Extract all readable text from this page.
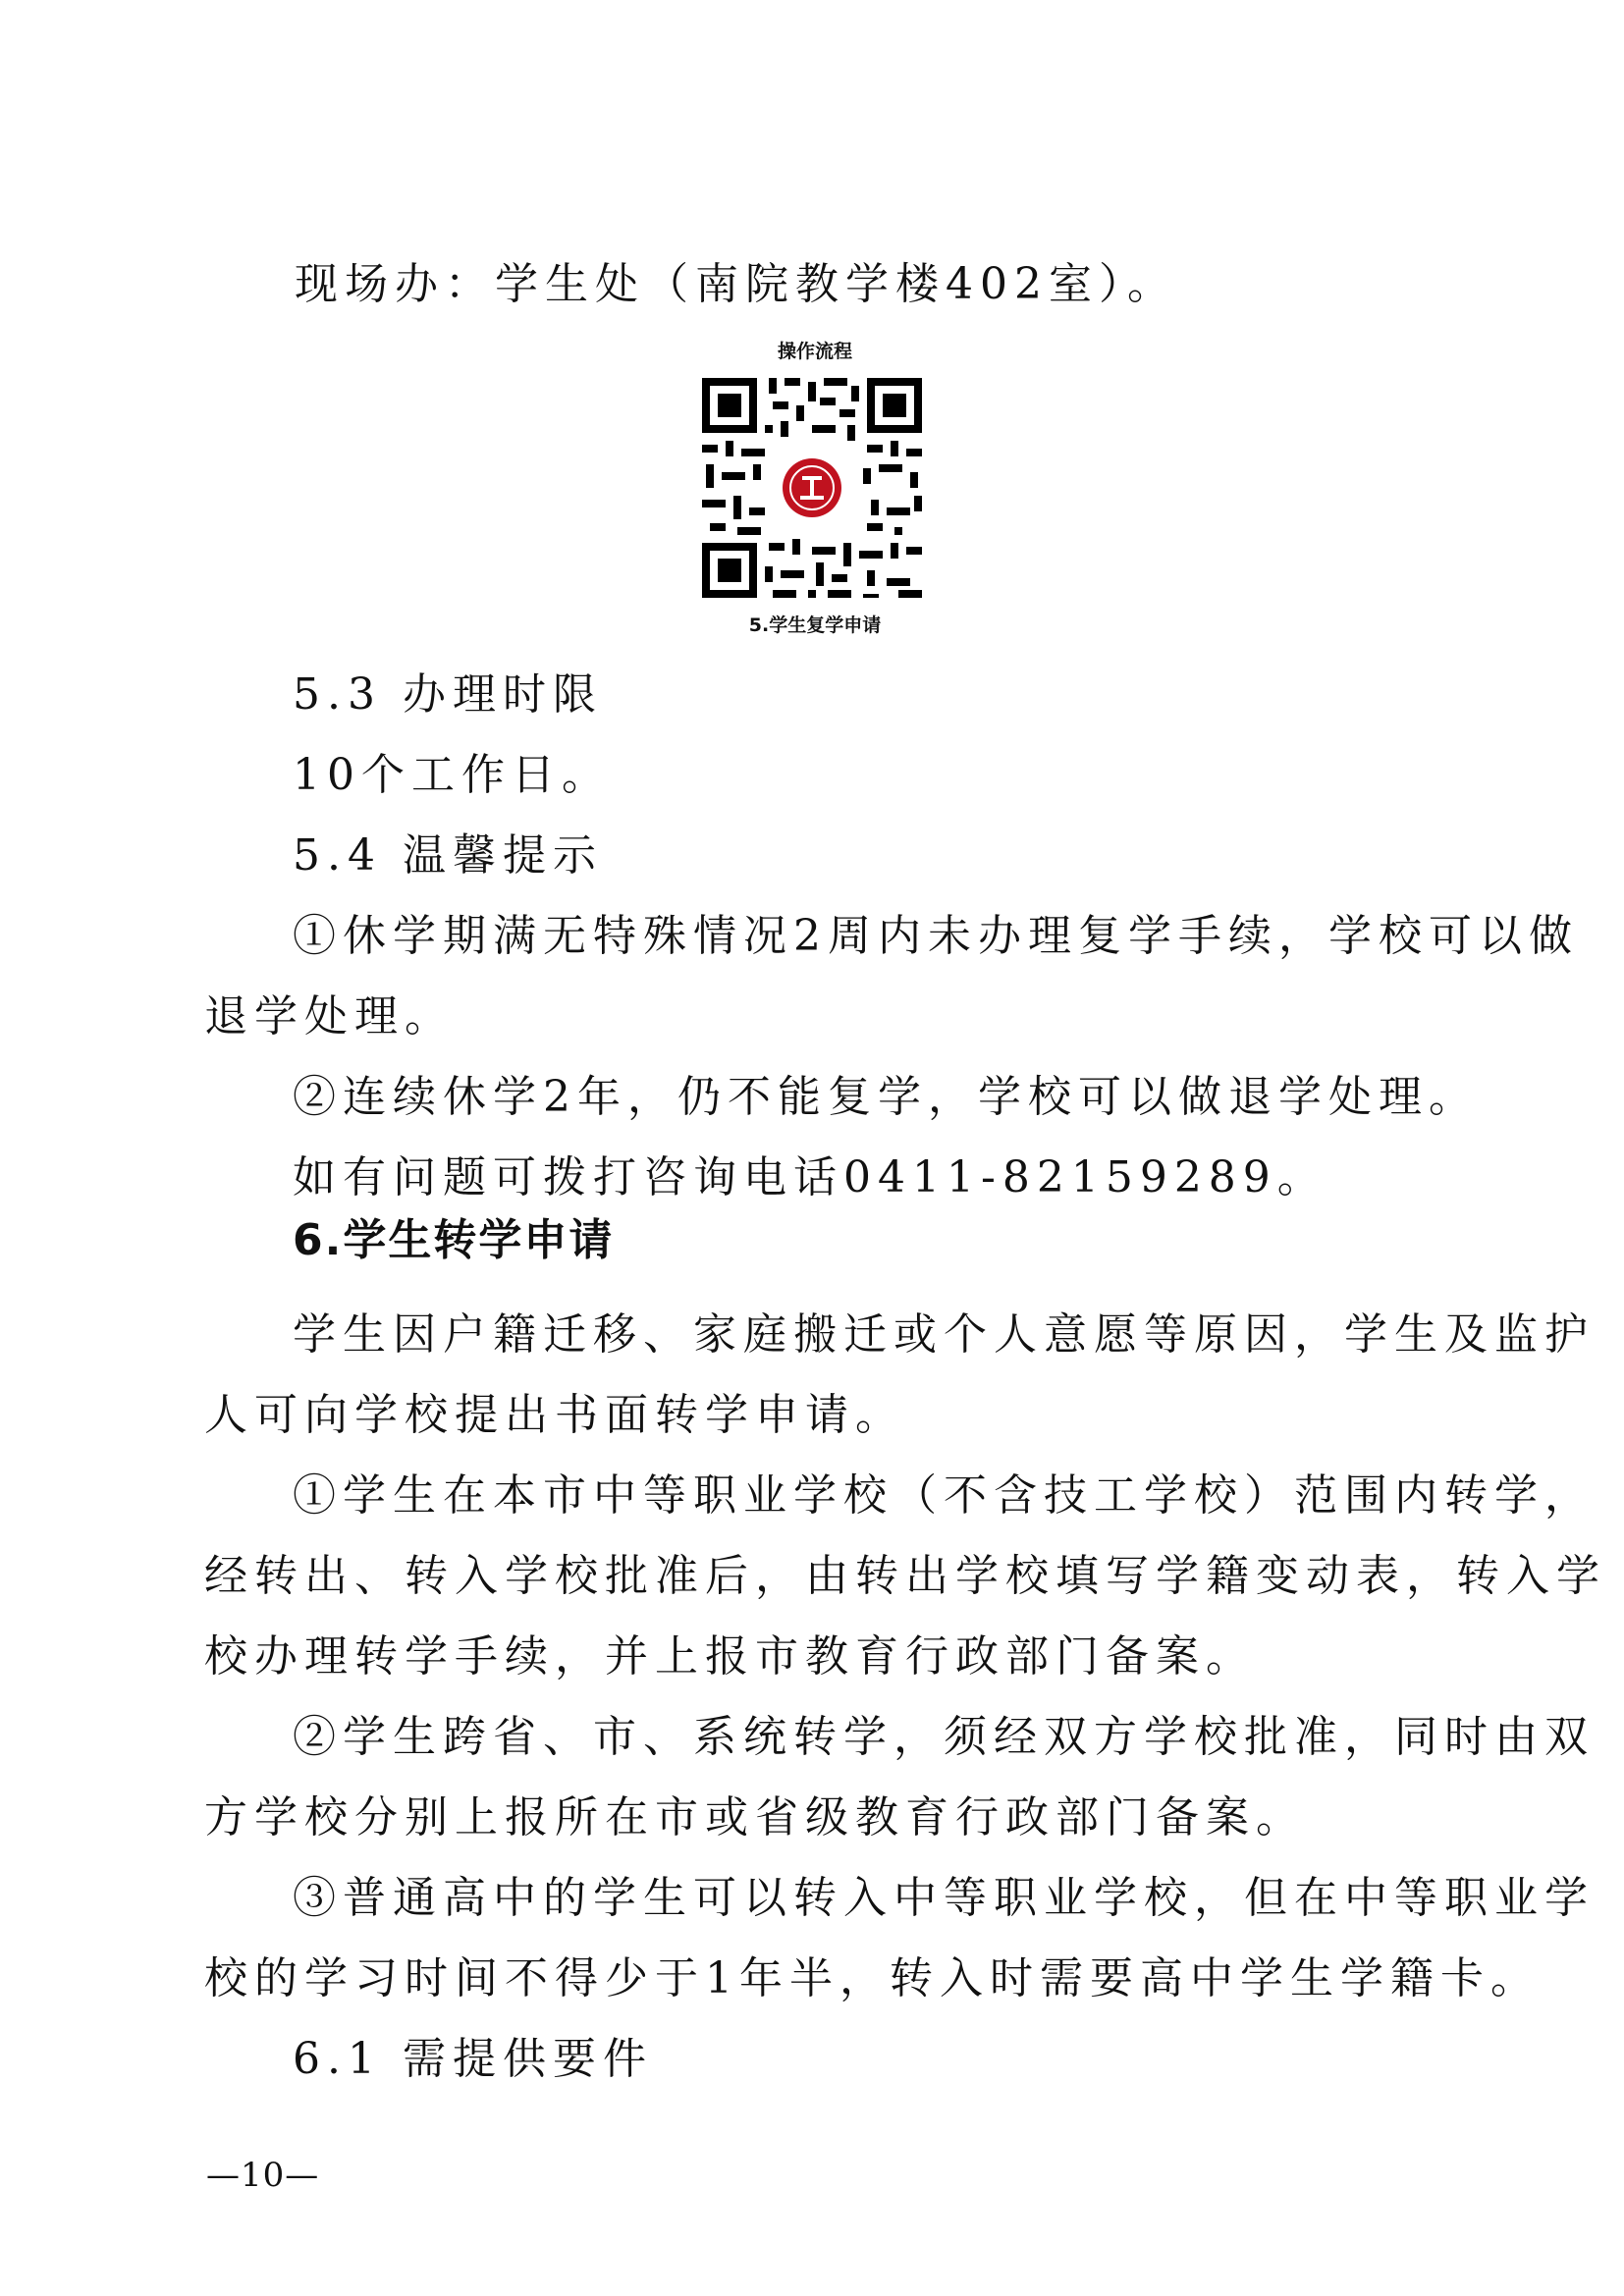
现场办：学生处（南院教学楼402室）。
操作流程
5.学生复学申请
5.3 办理时限
10个工作日。
5.4 温馨提示
①休学期满无特殊情况2周内未办理复学手续，学校可以做
退学处理。
②连续休学2年，仍不能复学，学校可以做退学处理。
如有问题可拨打咨询电话0411-82159289。
6.学生转学申请
学生因户籍迁移、家庭搬迁或个人意愿等原因，学生及监护
人可向学校提出书面转学申请。
①学生在本市中等职业学校（不含技工学校）范围内转学，
经转出、转入学校批准后，由转出学校填写学籍变动表，转入学
校办理转学手续，并上报市教育行政部门备案。
②学生跨省、市、系统转学，须经双方学校批准，同时由双
方学校分别上报所在市或省级教育行政部门备案。
③普通高中的学生可以转入中等职业学校，但在中等职业学
校的学习时间不得少于1年半，转入时需要高中学生学籍卡。
6.1 需提供要件
—10—
